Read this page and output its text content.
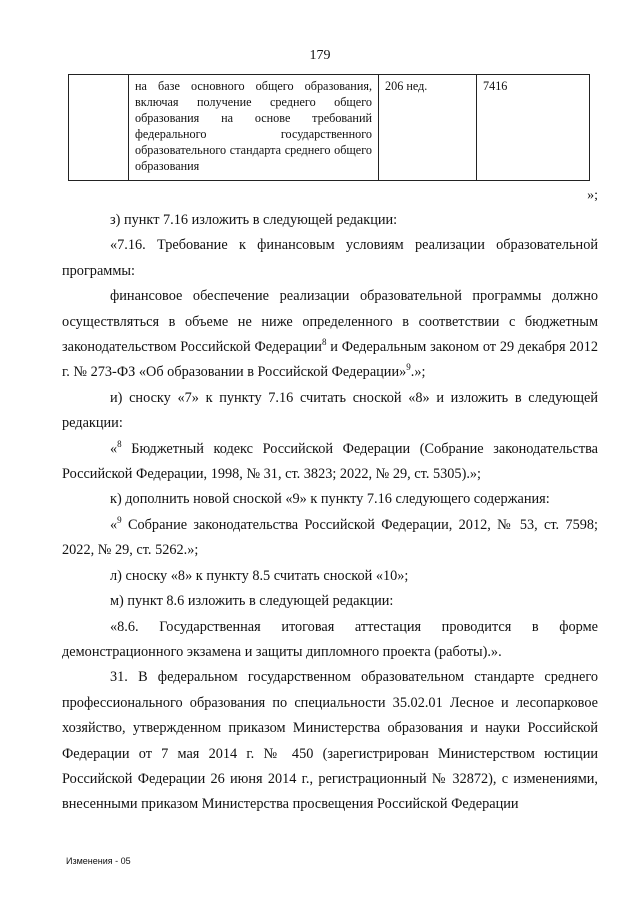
179
	на базе основного общего образования, включая получение среднего общего образования на основе требований федерального государственного образовательного стандарта среднего общего образования	206 нед.	7416
»;

з) пункт 7.16 изложить в следующей редакции:

«7.16. Требование к финансовым условиям реализации образовательной программы:

финансовое обеспечение реализации образовательной программы должно осуществляться в объеме не ниже определенного в соответствии с бюджетным законодательством Российской Федерации$^8$ и Федеральным законом от 29 декабря 2012 г. № 273-ФЗ «Об образовании в Российской Федерации»$^9$.»;

и) сноску «7» к пункту 7.16 считать сноской «8» и изложить в следующей редакции:

«$^8$ Бюджетный кодекс Российской Федерации (Собрание законодательства Российской Федерации, 1998, № 31, ст. 3823; 2022, № 29, ст. 5305).»;

к) дополнить новой сноской «9» к пункту 7.16 следующего содержания:

«$^9$ Собрание законодательства Российской Федерации, 2012, № 53, ст. 7598; 2022, № 29, ст. 5262.»;

л) сноску «8» к пункту 8.5 считать сноской «10»;

м) пункт 8.6 изложить в следующей редакции:

«8.6. Государственная итоговая аттестация проводится в форме демонстрационного экзамена и защиты дипломного проекта (работы).».

31. В федеральном государственном образовательном стандарте среднего профессионального образования по специальности 35.02.01 Лесное и лесопарковое хозяйство, утвержденном приказом Министерства образования и науки Российской Федерации от 7 мая 2014 г. № 450 (зарегистрирован Министерством юстиции Российской Федерации 26 июня 2014 г., регистрационный № 32872), с изменениями, внесенными приказом Министерства просвещения Российской Федерации

Изменения - 05
